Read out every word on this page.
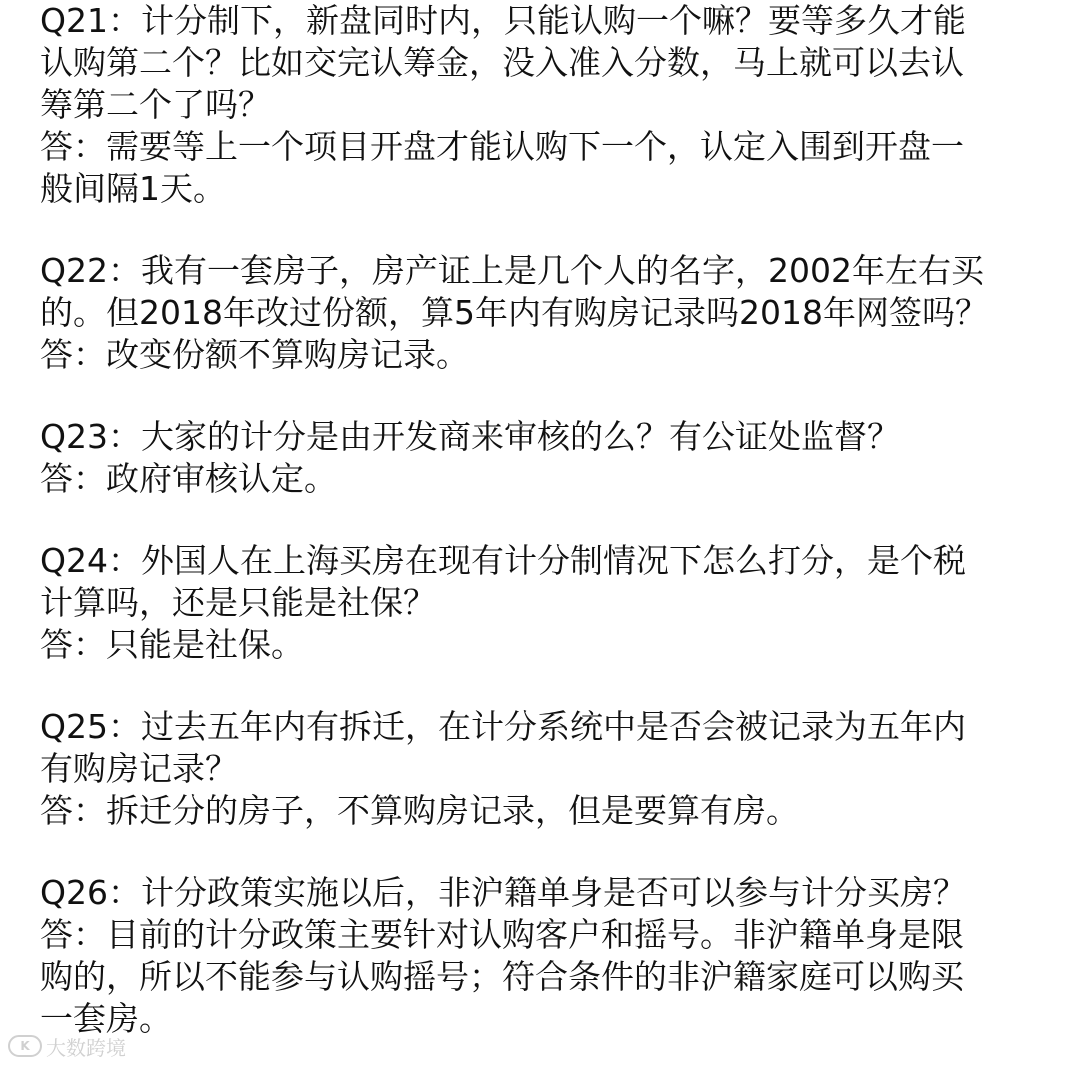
Q21：计分制下，新盘同时内，只能认购一个嘛？要等多久才能
认购第二个？比如交完认筹金，没入准入分数，马上就可以去认
筹第二个了吗？
答：需要等上一个项目开盘才能认购下一个，认定入围到开盘一
般间隔1天。
Q22：我有一套房子，房产证上是几个人的名字，2002年左右买
的。但2018年改过份额，算5年内有购房记录吗2018年网签吗？
答：改变份额不算购房记录。
Q23：大家的计分是由开发商来审核的么？有公证处监督？
答：政府审核认定。
Q24：外国人在上海买房在现有计分制情况下怎么打分，是个税
计算吗，还是只能是社保？
答：只能是社保。
Q25：过去五年内有拆迁，在计分系统中是否会被记录为五年内
有购房记录？
答：拆迁分的房子，不算购房记录，但是要算有房。
Q26：计分政策实施以后，非沪籍单身是否可以参与计分买房？
答：目前的计分政策主要针对认购客户和摇号。非沪籍单身是限
购的，所以不能参与认购摇号；符合条件的非沪籍家庭可以购买
一套房。
K 大数跨境
